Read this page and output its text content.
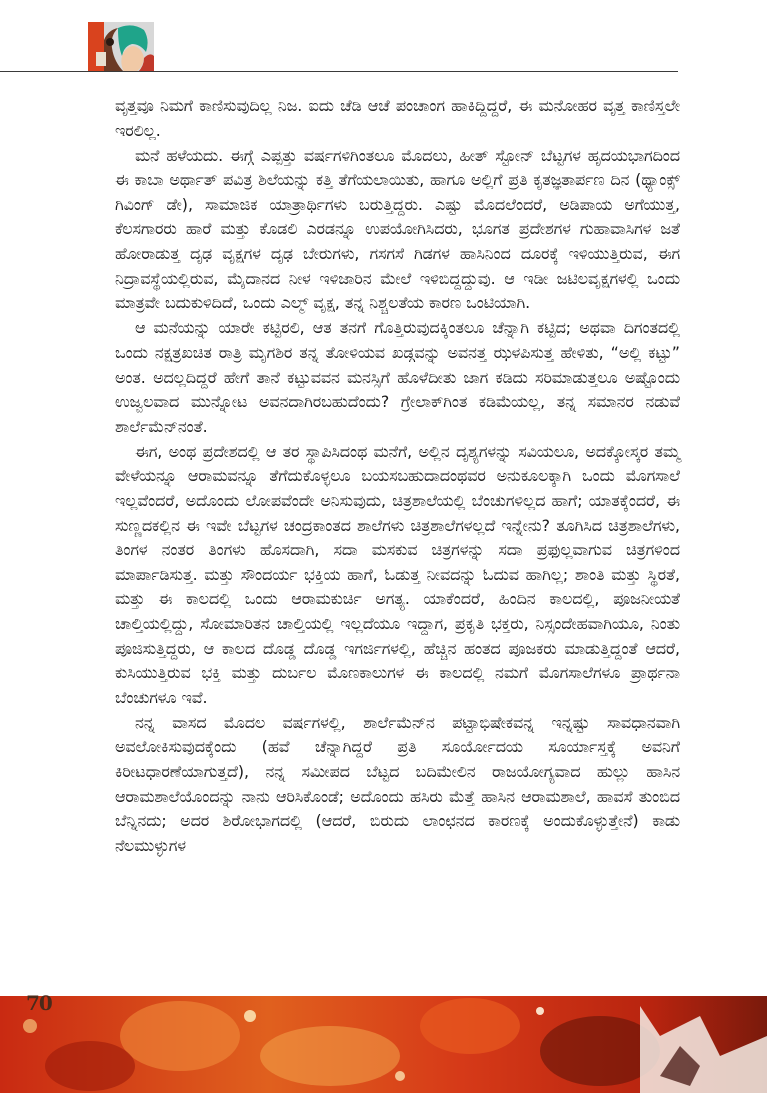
ವೃತ್ತವೂ ನಿಮಗೆ ಕಾಣಿಸುವುದಿಲ್ಲ ನಿಜ. ಐದು ಚೆಡಿ ಆಚೆ ಪಂಚಾಂಗ ಹಾಕಿದ್ದಿದ್ದರೆ, ಈ ಮನೋಹರ ವೃತ್ತ ಕಾಣಿಸ್ತಲೇ ಇರಲಿಲ್ಲ.

ಮನೆ ಹಳೆಯದು. ಈಗ್ಗೆ ಎಪ್ಪತ್ತು ವರ್ಷಗಳಿಗಿಂತಲೂ ಮೊದಲು, ಹೀತ್ ಸ್ಟೋನ್ ಬೆಟ್ಟಗಳ ಹೃದಯಭಾಗದಿಂದ ಈ ಕಾಬಾ ಅರ್ಥಾತ್ ಪವಿತ್ರ ಶಿಲೆಯನ್ನು ಕತ್ತಿ ತೆಗೆಯಲಾಯಿತು, ಹಾಗೂ ಅಲ್ಲಿಗೆ ಪ್ರತಿ ಕೃತಜ್ಞತಾರ್ಪಣ ದಿನ (ಥ್ಯಾಂಕ್ಸ್ ಗಿವಿಂಗ್ ಡೇ), ಸಾಮಾಜಿಕ ಯಾತ್ರಾರ್ಥಿಗಳು ಬರುತ್ತಿದ್ದರು. ಎಷ್ಟು ಮೊದಲೆಂದರೆ, ಅಡಿಪಾಯ ಅಗೆಯುತ್ತ, ಕೆಲಸಗಾರರು ಹಾರೆ ಮತ್ತು ಕೊಡಲಿ ಎರಡನ್ನೂ ಉಪಯೋಗಿಸಿದರು, ಭೂಗತ ಪ್ರದೇಶಗಳ ಗುಹಾವಾಸಿಗಳ ಜತೆ ಹೋರಾಡುತ್ತ ದೃಢ ವೃಕ್ಷಗಳ ದೃಢ ಬೇರುಗಳು, ಗಸಗಸೆ ಗಿಡಗಳ ಹಾಸಿನಿಂದ ದೂರಕ್ಕೆ ಇಳಿಯುತ್ತಿರುವ, ಈಗ ನಿದ್ರಾವಸ್ಥೆಯಲ್ಲಿರುವ, ಮೈದಾನದ ನೀಳ ಇಳಿಜಾರಿನ ಮೇಲೆ ಇಳಿಬಿದ್ದದ್ದುವು. ಆ ಇಡೀ ಜಟಿಲವೃಕ್ಷಗಳಲ್ಲಿ ಒಂದು ಮಾತ್ರವೇ ಬದುಕುಳಿದಿದೆ, ಒಂದು ಎಲ್ಮ್ ವೃಕ್ಷ, ತನ್ನ ನಿಶ್ಚಲತೆಯ ಕಾರಣ ಒಂಟಿಯಾಗಿ.

ಆ ಮನೆಯನ್ನು ಯಾರೇ ಕಟ್ಟಿರಲಿ, ಆತ ತನಗೆ ಗೊತ್ತಿರುವುದಕ್ಕಿಂತಲೂ ಚೆನ್ನಾಗಿ ಕಟ್ಟಿದ; ಅಥವಾ ದಿಗಂತದಲ್ಲಿ ಒಂದು ನಕ್ಷತ್ರಖಚಿತ ರಾತ್ರಿ ಮೃಗಶಿರ ತನ್ನ ತೋಳಿಯವ ಖಡ್ಗವನ್ನು ಅವನತ್ತ ಝಳಪಿಸುತ್ತ ಹೇಳಿತು, “ಅಲ್ಲಿ ಕಟ್ಟು” ಅಂತ. ಅದಲ್ಲದಿದ್ದರೆ ಹೇಗೆ ತಾನೆ ಕಟ್ಟುವವನ ಮನಸ್ಸಿಗೆ ಹೊಳೆದೀತು ಜಾಗ ಕಡಿದು ಸರಿಮಾಡುತ್ತಲೂ ಅಷ್ಟೊಂದು ಉಜ್ವಲವಾದ ಮುನ್ನೋಟ ಅವನದಾಗಿರಬಹುದೆಂದು? ಗ್ರೇಲಾಕ್‌ಗಿಂತ ಕಡಿಮೆಯಲ್ಲ, ತನ್ನ ಸಮಾನರ ನಡುವೆ ಶಾರ್ಲೆಮೆನ್‌ನಂತೆ.

ಈಗ, ಅಂಥ ಪ್ರದೇಶದಲ್ಲಿ ಆ ತರ ಸ್ಥಾಪಿಸಿದಂಥ ಮನೆಗೆ, ಅಲ್ಲಿನ ದೃಶ್ಯಗಳನ್ನು ಸವಿಯಲೂ, ಅದಕ್ಕೋಸ್ಕರ ತಮ್ಮ ವೇಳೆಯನ್ನೂ ಆರಾಮವನ್ನೂ ತೆಗೆದುಕೊಳ್ಳಲೂ ಬಯಸಬಹುದಾದಂಥವರ ಅನುಕೂಲಕ್ಕಾಗಿ ಒಂದು ಮೊಗಸಾಲೆ ಇಲ್ಲವೆಂದರೆ, ಅದೊಂದು ಲೋಪವೆಂದೇ ಅನಿಸುವುದು, ಚಿತ್ರಶಾಲೆಯಲ್ಲಿ ಬೆಂಚುಗಳಿಲ್ಲದ ಹಾಗೆ; ಯಾತಕ್ಕೆಂದರೆ, ಈ ಸುಣ್ಣದಕಲ್ಲಿನ ಈ ಇವೇ ಬೆಟ್ಟಗಳ ಚಂದ್ರಕಾಂತದ ಶಾಲೆಗಳು ಚಿತ್ರಶಾಲೆಗಳಲ್ಲದೆ ಇನ್ನೇನು? ತೂಗಿಸಿದ ಚಿತ್ರಶಾಲೆಗಳು, ತಿಂಗಳ ನಂತರ ತಿಂಗಳು ಹೊಸದಾಗಿ, ಸದಾ ಮಸಕುವ ಚಿತ್ರಗಳನ್ನು ಸದಾ ಪ್ರಫುಲ್ಲವಾಗುವ ಚಿತ್ರಗಳಿಂದ ಮಾರ್ಪಾಡಿಸುತ್ತ. ಮತ್ತು ಸೌಂದರ್ಯ ಭಕ್ತಿಯ ಹಾಗೆ, ಓಡುತ್ತ ನೀವದನ್ನು ಓದುವ ಹಾಗಿಲ್ಲ; ಶಾಂತಿ ಮತ್ತು ಸ್ಥಿರತೆ, ಮತ್ತು ಈ ಕಾಲದಲ್ಲಿ ಒಂದು ಆರಾಮಕುರ್ಚಿ ಅಗತ್ಯ. ಯಾಕೆಂದರೆ, ಹಿಂದಿನ ಕಾಲದಲ್ಲಿ, ಪೂಜನೀಯತೆ ಚಾಲ್ತಿಯಲ್ಲಿದ್ದು, ಸೋಮಾರಿತನ ಚಾಲ್ತಿಯಲ್ಲಿ ಇಲ್ಲದೆಯೂ ಇದ್ದಾಗ, ಪ್ರಕೃತಿ ಭಕ್ತರು, ನಿಸ್ಸಂದೇಹವಾಗಿಯೂ, ನಿಂತು ಪೂಜಿಸುತ್ತಿದ್ದರು, ಆ ಕಾಲದ ದೊಡ್ಡ ದೊಡ್ಡ ಇಗರ್ಜಿಗಳಲ್ಲಿ, ಹೆಚ್ಚಿನ ಹಂತದ ಪೂಜಕರು ಮಾಡುತ್ತಿದ್ದಂತೆ ಆದರೆ, ಕುಸಿಯುತ್ತಿರುವ ಭಕ್ತಿ ಮತ್ತು ದುರ್ಬಲ ಮೊಣಕಾಲುಗಳ ಈ ಕಾಲದಲ್ಲಿ ನಮಗೆ ಮೊಗಸಾಲೆಗಳೂ ಪ್ರಾರ್ಥನಾ ಬೆಂಚುಗಳೂ ಇವೆ.

ನನ್ನ ವಾಸದ ಮೊದಲ ವರ್ಷಗಳಲ್ಲಿ, ಶಾರ್ಲೆಮೆನ್‌ನ ಪಟ್ಟಾಭಿಷೇಕವನ್ನ ಇನ್ನಷ್ಟು ಸಾವಧಾನವಾಗಿ ಅವಲೋಕಿಸುವುದಕ್ಕೆಂದು (ಹವೆ ಚೆನ್ನಾಗಿದ್ದರೆ ಪ್ರತಿ ಸೂರ್ಯೋದಯ ಸೂರ್ಯಾಸ್ತಕ್ಕೆ ಅವನಿಗೆ ಕಿರೀಟಧಾರಣೆಯಾಗುತ್ತದೆ), ನನ್ನ ಸಮೀಪದ ಬೆಟ್ಟದ ಬದಿಮೇಲಿನ ರಾಜಯೋಗ್ಯವಾದ ಹುಲ್ಲು ಹಾಸಿನ ಆರಾಮಶಾಲೆಯೊಂದನ್ನು ನಾನು ಆರಿಸಿಕೊಂಡೆ; ಅದೊಂದು ಹಸಿರು ಮೆತ್ತೆ ಹಾಸಿನ ಆರಾಮಶಾಲೆ, ಹಾವಸೆ ತುಂಬಿದ ಬೆನ್ನಿನದು; ಅದರ ಶಿರೋಭಾಗದಲ್ಲಿ (ಆದರೆ, ಬಿರುದು ಲಾಂಛನದ ಕಾರಣಕ್ಕೆ ಅಂದುಕೊಳ್ಳುತ್ತೇನೆ) ಕಾಡು ನೆಲಮುಳ್ಳುಗಳ

70
